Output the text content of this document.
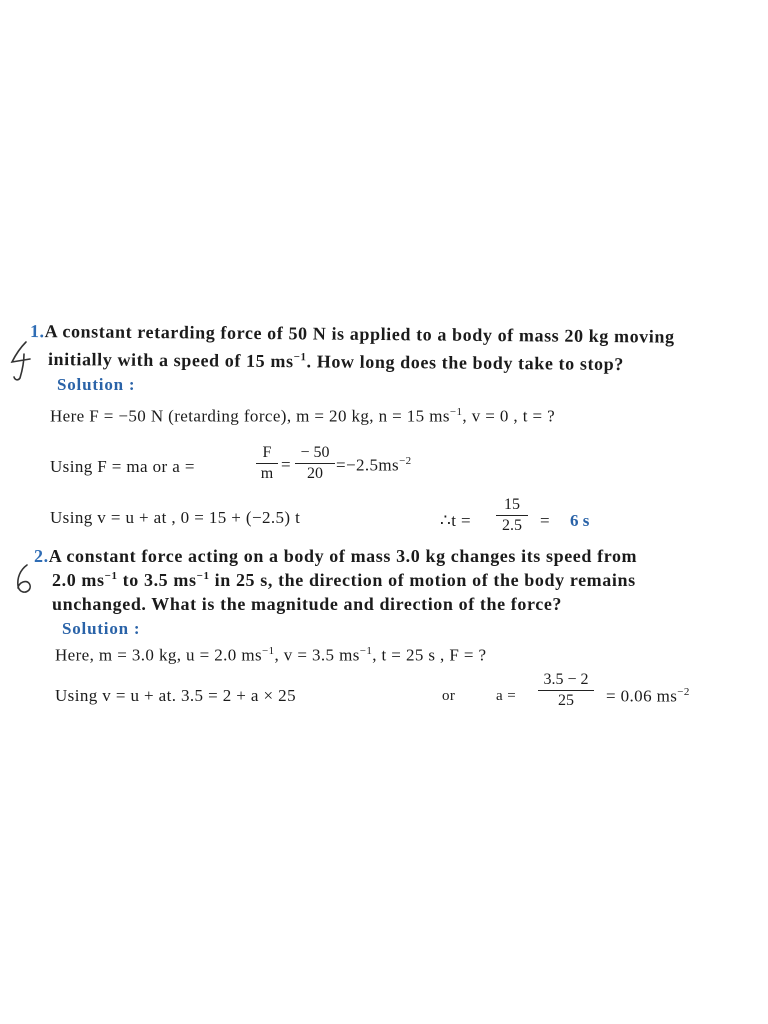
1.A constant retarding force of 50 N is applied to a body of mass 20 kg moving
initially with a speed of 15 $ms^{-1}$. How long does the body take to stop?
Solution :
Here F = −50 N (retarding force), m = 20 kg, n = 15 $ms^{-1}$, v = 0 , t = ?
Using F = ma or a =
F
m =
− 50
$20 =-2.5ms^{-2}$
Using v = u + at , 0 = 15 + (−2.5) t	∴t =
15
2.5	= 6 s
2.A constant force acting on a body of mass 3.0 kg changes its speed from
2.0 $ms^{-1}$ to 3.5 $ms^{-1}$ in 25 s, the direction of motion of the body remains
unchanged. What is the magnitude and direction of the force?
Solution :
Here, m = 3.0 kg, u = 2.0 $ms^{-1}$, v = 3.5 $ms^{-1}$, t = 25 s , F = ?
Using v = u + at. 3.5 = 2 + a × 25	or	a =
3.5 − 2
25	= 0.06 $ms^{-2}$
